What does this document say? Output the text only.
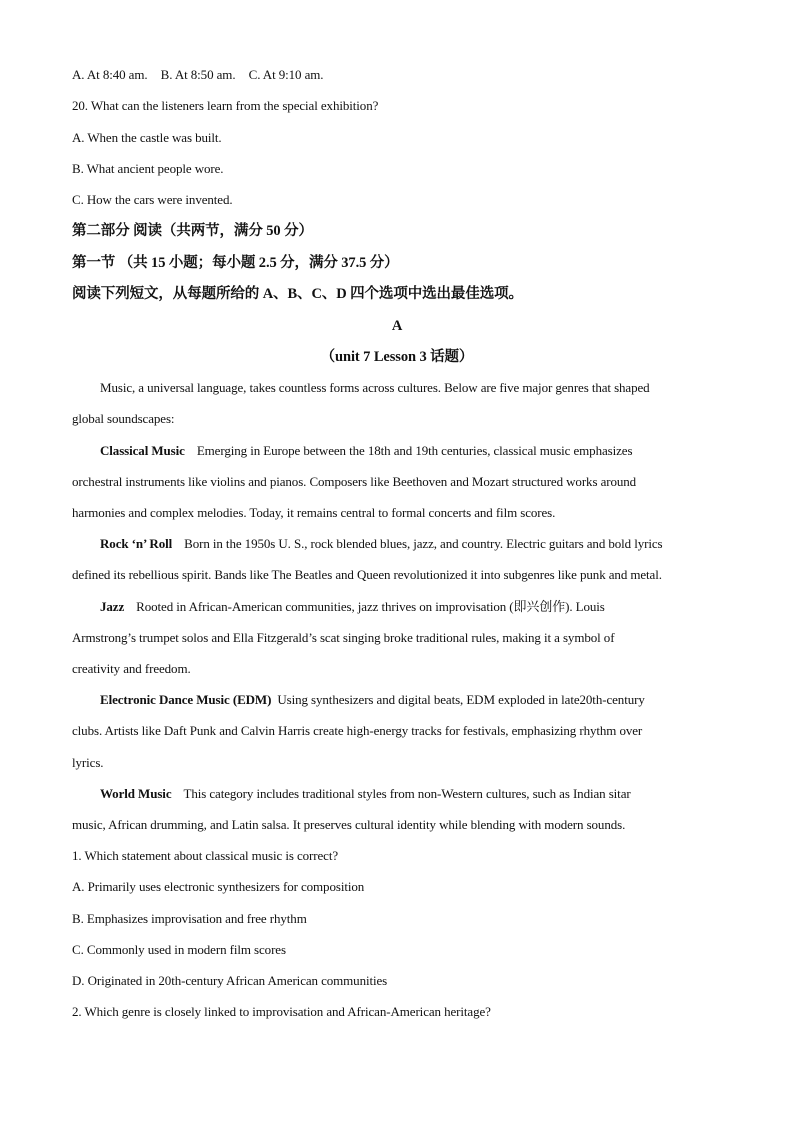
A. At 8:40 am. B. At 8:50 am. C. At 9:10 am.
20. What can the listeners learn from the special exhibition?
A. When the castle was built.
B. What ancient people wore.
C. How the cars were invented.
第二部分 阅读（共两节，满分 50 分）
第一节 （共 15 小题；每小题 2.5 分，满分 37.5 分）
阅读下列短文，从每题所给的 A、B、C、D 四个选项中选出最佳选项。
A
（unit 7 Lesson 3 话题）
Music, a universal language, takes countless forms across cultures. Below are five major genres that shaped
global soundscapes:
Classical Music Emerging in Europe between the 18th and 19th centuries, classical music emphasizes
orchestral instruments like violins and pianos. Composers like Beethoven and Mozart structured works around
harmonies and complex melodies. Today, it remains central to formal concerts and film scores.
Rock ‘n’ Roll Born in the 1950s U. S., rock blended blues, jazz, and country. Electric guitars and bold lyrics
defined its rebellious spirit. Bands like The Beatles and Queen revolutionized it into subgenres like punk and metal.
Jazz Rooted in African-American communities, jazz thrives on improvisation (即兴创作). Louis
Armstrong’s trumpet solos and Ella Fitzgerald’s scat singing broke traditional rules, making it a symbol of
creativity and freedom.
Electronic Dance Music (EDM) Using synthesizers and digital beats, EDM exploded in late20th-century
clubs. Artists like Daft Punk and Calvin Harris create high-energy tracks for festivals, emphasizing rhythm over
lyrics.
World Music This category includes traditional styles from non-Western cultures, such as Indian sitar
music, African drumming, and Latin salsa. It preserves cultural identity while blending with modern sounds.
1. Which statement about classical music is correct?
A. Primarily uses electronic synthesizers for composition
B. Emphasizes improvisation and free rhythm
C. Commonly used in modern film scores
D. Originated in 20th-century African American communities
2. Which genre is closely linked to improvisation and African-American heritage?
